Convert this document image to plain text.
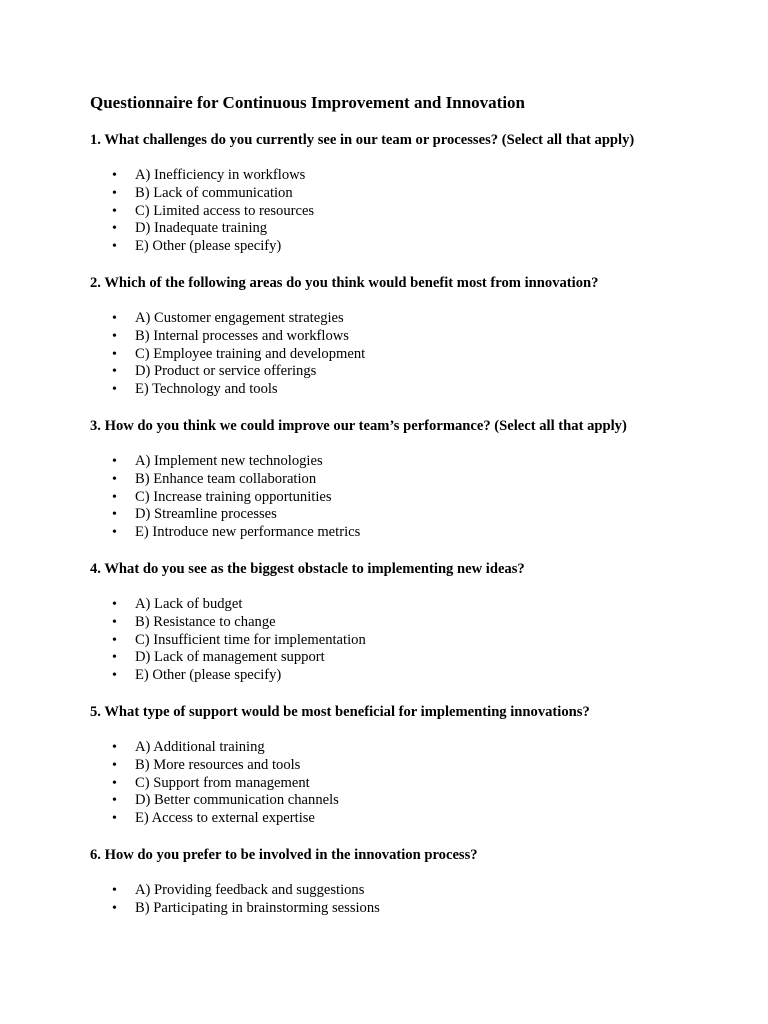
Questionnaire for Continuous Improvement and Innovation

1. What challenges do you currently see in our team or processes? (Select all that apply)

• A) Inefficiency in workflows
• B) Lack of communication
• C) Limited access to resources
• D) Inadequate training
• E) Other (please specify)

2. Which of the following areas do you think would benefit most from innovation?

• A) Customer engagement strategies
• B) Internal processes and workflows
• C) Employee training and development
• D) Product or service offerings
• E) Technology and tools

3. How do you think we could improve our team’s performance? (Select all that apply)

• A) Implement new technologies
• B) Enhance team collaboration
• C) Increase training opportunities
• D) Streamline processes
• E) Introduce new performance metrics

4. What do you see as the biggest obstacle to implementing new ideas?

• A) Lack of budget
• B) Resistance to change
• C) Insufficient time for implementation
• D) Lack of management support
• E) Other (please specify)

5. What type of support would be most beneficial for implementing innovations?

• A) Additional training
• B) More resources and tools
• C) Support from management
• D) Better communication channels
• E) Access to external expertise

6. How do you prefer to be involved in the innovation process?

• A) Providing feedback and suggestions
• B) Participating in brainstorming sessions
